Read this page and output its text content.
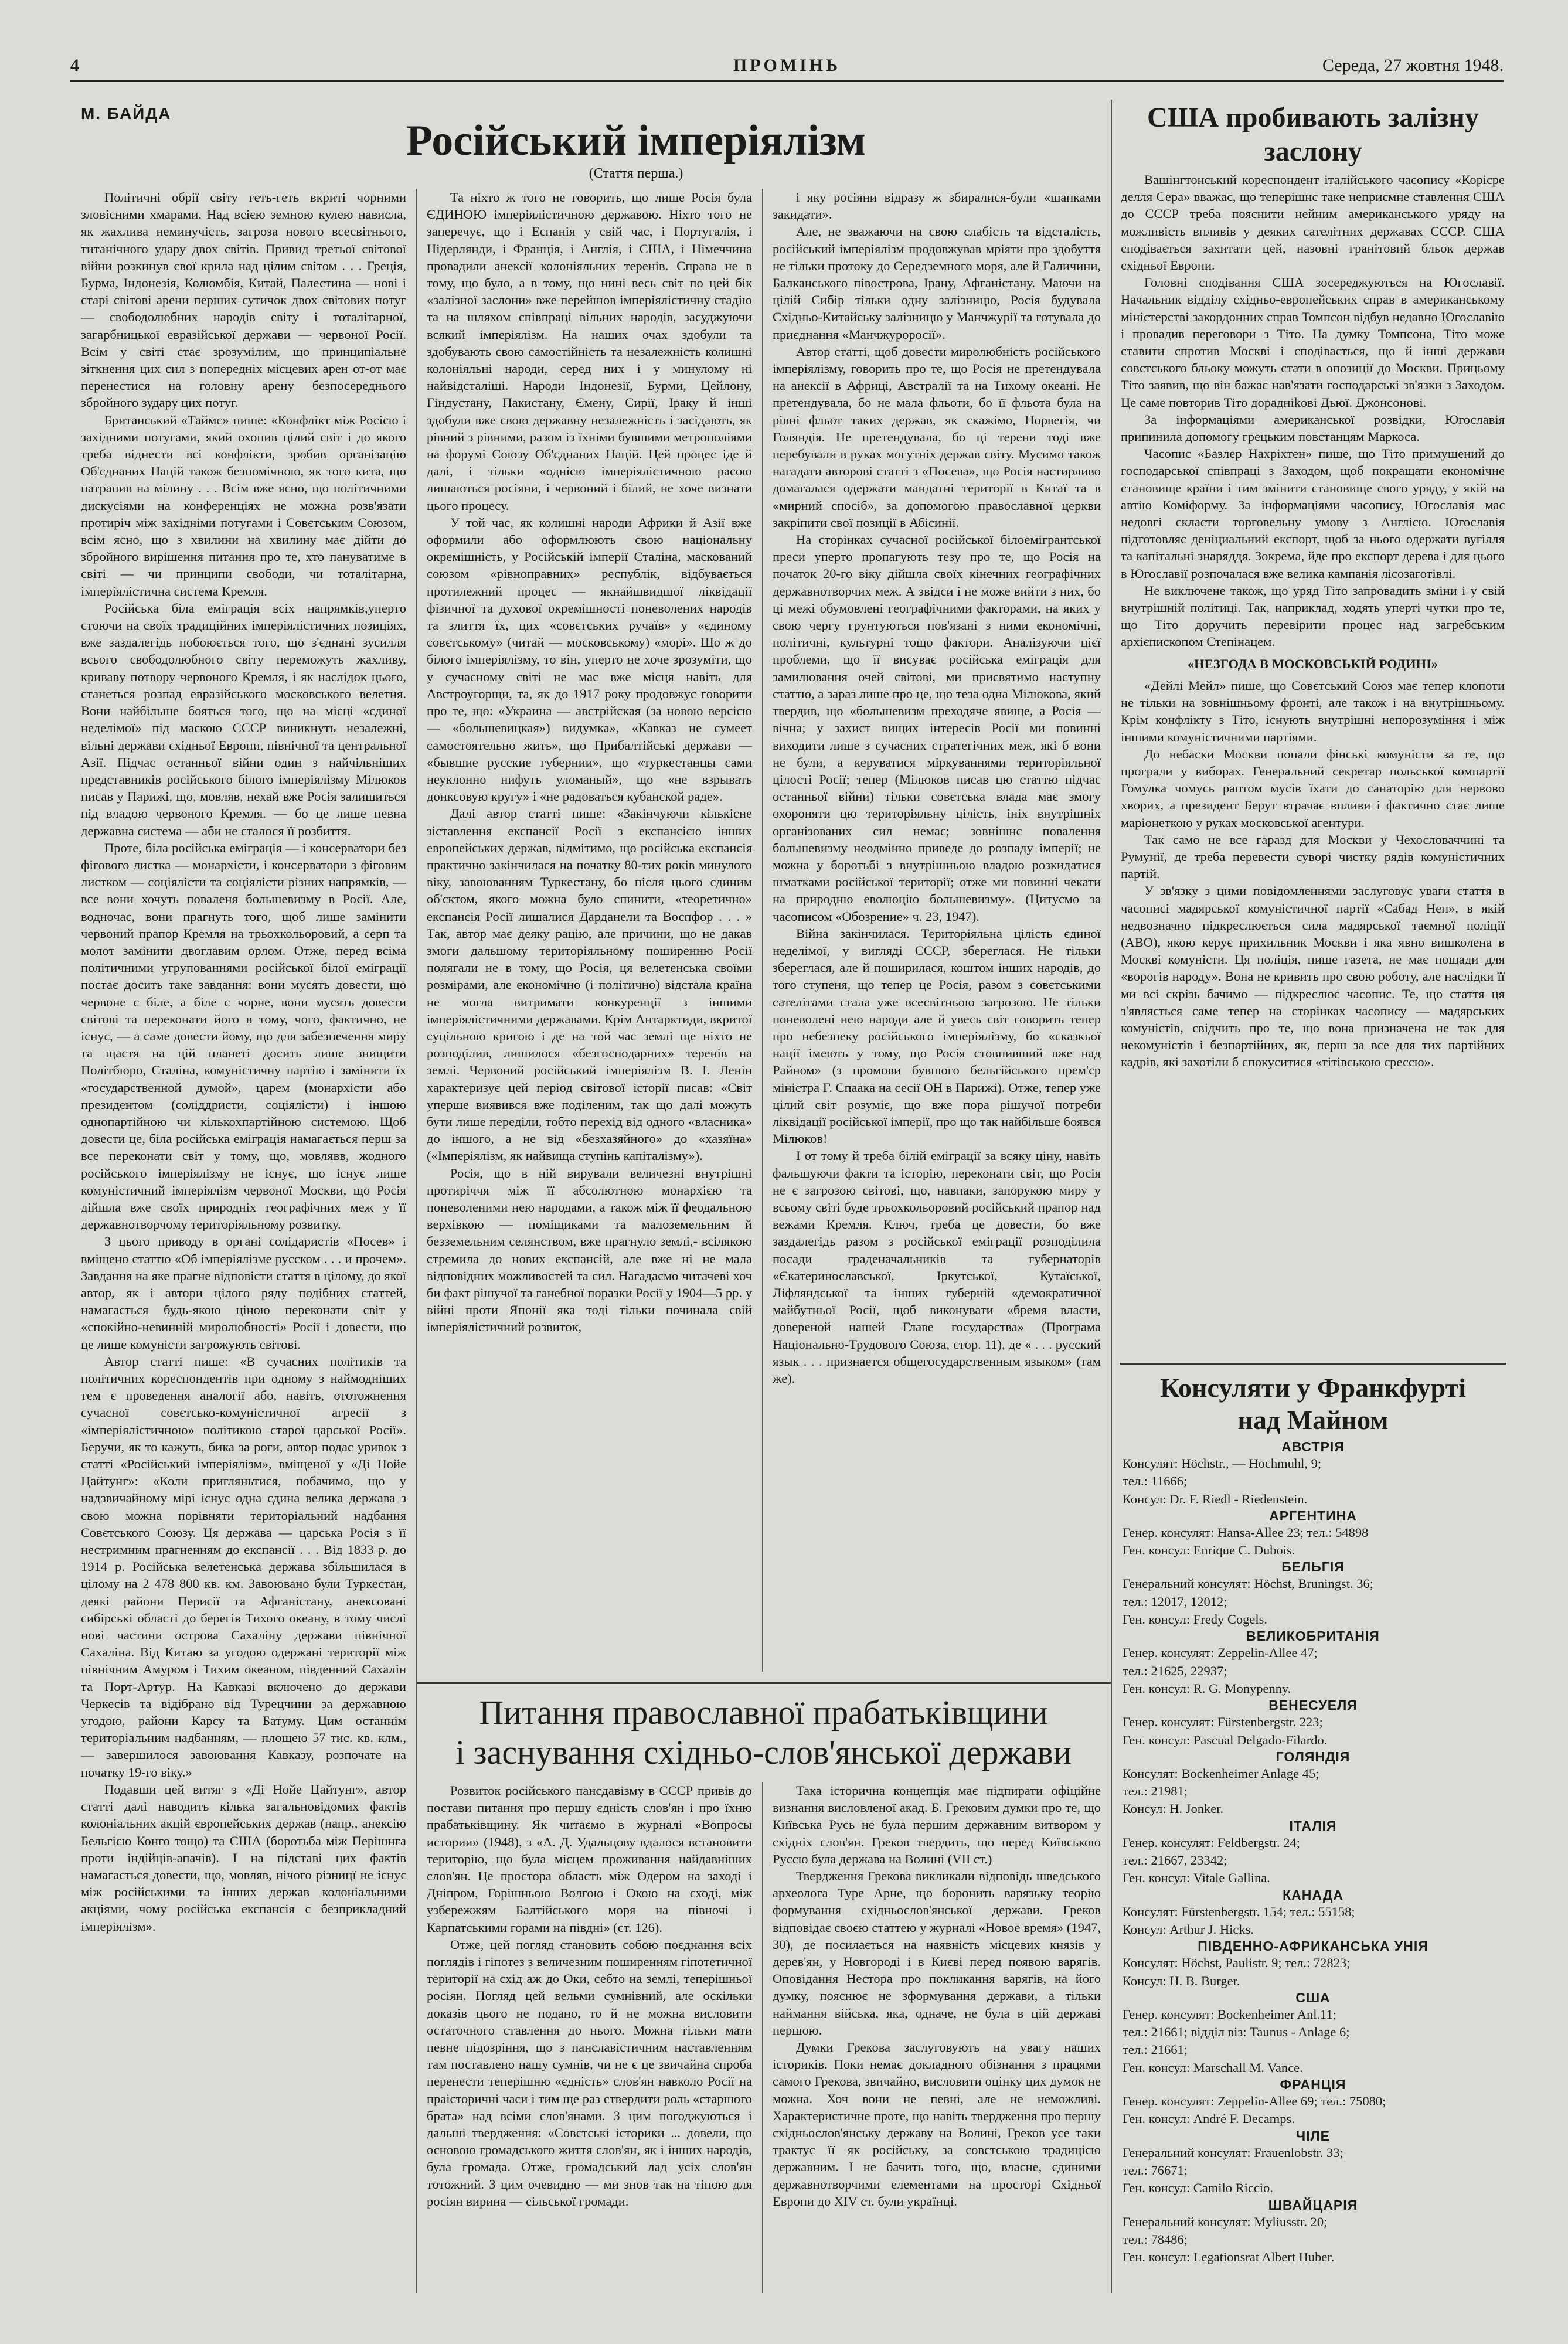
4	ПРОМІНЬ	Середа, 27 жовтня 1948.
М. БАЙДА
Російський імперіялізм
(Стаття перша.)

Політичні обрії світу геть-геть вкриті чорними зловісними хмарами. Над всією земною кулею нависла, як жахлива неминучість, загроза нового всесвітнього, титанічного удару двох світів. Привид третьої світової війни розкинув свої крила над цілим світом . . . Греція, Бурма, Індонезія, Колюмбія, Китай, Палестина — нові і старі світові арени перших сутичок двох світових потуг — свободолюбних народів світу і тоталітарної, загарбницької евразійської держави — червоної Росії. Всім у світі стає зрозумілим, що принципіальне зіткнення цих сил з попередніх місцевих арен от-от має перенестися на головну арену безпосереднього збройного зудару цих потуг.

Британський «Таймс» пише: «Конфлікт між Росією і західними потугами, який охопив цілий світ і до якого треба віднести всі конфлікти, зробив організацію Об'єднаних Націй також безпомічною, як того кита, що патрапив на мілину . . . Всім вже ясно, що політичними дискусіями на конференціях не можна розв'язати протиріч між західніми потугами і Совєтським Союзом, всім ясно, що з хвилини на хвилину має дійти до збройного вирішення питання про те, хто пануватиме в світі — чи принципи свободи, чи тоталітарна, імперіялістична система Кремля.

Російська біла еміграція всіх напрямків,упертo стоючи на своїх традиційних імперіялістичних позиціях, вже заздалегідь побоюється того, що з'єднані зусилля всього свободолюбного світу переможуть жахливу, кривавy потвору червоного Кремля, і як наслідок цього, станеться розпад евразійського московського велетня. Вони найбільше бояться того, що на місці «єдиної неделімої» під маскою СССР виникнуть незалежні, вільні держави східньої Европи, північної та центральної Азії. Підчас останньої війни один з найчільніших представників російського білого імперіялізму Мілюков писав у Парижі, що, мовляв, нехай вже Росія залишиться під владою червоного Кремля. — бо це лише певна державна система — аби не сталося її розбиття.

Проте, біла російська еміграція — і консерватори без фігового листка — монархісти, і консерватори з фіговим листком — соціялісти та соціялісти різних напрямків, — все вони хочуть поваленя большевизму в Росії. Але, водночас, вони прагнуть того, щоб лише замінити червоний прапор Кремля на трьохкольоровий, а серп та молот замінити двоглавим орлом. Отже, перед всіма політичними угрупованнями російської білої еміграції постає досить таке завдання: вони мусять довести, що червоне є біле, а біле є чорне, вони мусять довести світові та переконати його в тому, чого, фактично, не існує, — а саме довести йому, що для забезпечення миру та щастя на цій планеті досить лише знищити Політбюро, Сталіна, комуністичну партію і замінити їх «государственной думой», царем (монархісти або президентом (соліддристи, соціялісти) і іншою однопартійною чи кількохпартійною системою. Щоб довести це, біла російська еміграція намагається перш за все переконати світ у тому, що, мовлявв, жодного російського імперіялізму не існує, що існує лише комуністичний імперіялізм червоної Москви, що Росія дійшла вже своїх природніх географічних меж у її державнотворчому територіяльному розвитку.

З цього приводу в органі солідаристів «Посев» і вміщено статтю «Об імперіялізме русском . . . и прочем». Завдання на яке прагне відповісти стаття в цілому, до якої автор, як і автори цілого ряду подібних статтей, намагається будь-якою ціною переконати світ у «спокійно-невинній миролюбності» Росії і довести, що це лише комуністи загрожують світові.

Автор статті пише: «В сучасних політиків та політичних кореспондентів при одному з наймодніших тем є проведення аналогії або, навіть, ототожнення сучасної совєтсько-комуністичної агресії з «імперіялістичною» політикою старої царської Росії». Беручи, як то кажуть, бика за роги, автор подає уривок з статті «Російський імперіялізм», вміщеної у «Ді Нойе Цайтунг»: «Коли пригляньтися, побачимо, що у надзвичайному мірі існує одна єдина велика держава з свою можна порівняти територіальний надбання Совєтського Союзу. Ця держава — царська Росія з її нестримним прагненням до експансії . . . Від 1833 р. до 1914 р. Російська велетенська держава збільшилася в цілому на 2 478 800 кв. км. Завоювано були Туркестан, деякі райони Перисії та Афганістану, анексовані сибірські області до берегів Тихого океану, в тому числі нові частини острова Сахаліну держави північної Сахаліна. Від Китаю за угодою одержані території між північним Амуром і Тихим океаном, південний Сахалін та Порт-Артур. На Кавказі включено до держави Черкесів та відібрано від Турецчини за державною угодою, райони Карсу та Батуму. Цим останнім територіальним надбанням, — площею 57 тис. кв. клм., — завершилося завоювання Кавказу, розпочате на початку 19-го віку.»

Подавши цей витяг з «Ді Нойе Цайтунг», автор статті далі наводить кілька загальновідомих фактів колоніальних акцій європейських держав (напр., анексію Бельгією Конго тощо) та США (боротьба між Перішнга проти індійців-апачів). І на підставі цих фактів намагається довести, що, мовляв, нічого різницї не існує між російськими та інших держав колоніальними акціями, чому російська експансія є безприкладний імперіялізм».

Та ніхто ж того не говорить, що лише Росія була ЄДИНОЮ імперіялістичною державою. Ніхто того не заперечує, що і Еспанія у свій час, і Португалія, і Нідерлянди, і Франція, і Англія, і США, і Німеччина провадили анексії колоніяльних теренів. Справа не в тому, що було, а в тому, що нині весь світ по цей бік «залізної заслони» вже перейшов імперіялістичну стадію та на шляхом співпраці вільних народів, засуджуючи всякий імперіялізм. На наших очах здобули та здобувають свою самостійність та незалежність колишні колоніяльні народи, серед них і у минулому ні найвідсталіші. Народи Індонезії, Бурми, Цейлону, Гіндустану, Пакистану, Ємену, Сирії, Іраку й інші здобули вже свою державну незалежність і засідають, як рівний з рівними, разом із їхніми бувшими метрополіями на форумі Союзу Об'єднаних Націй. Цей процес іде й далі, і тільки «однією імперіялістичною расою лишаються росіяни, і червоний і білий, не хоче визнати цього процесу.

У той час, як колишні народи Африки й Азії вже оформили або оформлюють свою національну окремішність, у Російській імперії Сталіна, маскований союзом «рівноправних» республік, відбувається протилежний процес — якнайшвидшої ліквідації фізичної та духової окремішності поневолених народів та злиття їх, цих «совєтських ручаїв» у «єдиному совєтському» (читай — московському) «морі». Що ж до білого імперіялізму, то він, уперто не хоче зрозуміти, що у сучасному світі не має вже місця навіть для Австроугорщи, та, як до 1917 року продовжує говорити про те, що: «Украина — австрійская (за новою версією — «большевицкая») видумка», «Кавказ не сумеет самостоятельно жить», що Прибалтійські держави — «бывшие русские губернии», що «туркестанцы сами неуклонно нифуть уломаный», що «не взрывать донксовую кругу» і «не радоваться кубанской раде».

Далі автор статті пише: «Закінчуючи кількісне зіставлення експансії Росії з експансією інших европейських держав, відмітимо, що російська експансія практично закінчилася на початку 80-тих років минулого віку, завоюванням Туркестану, бо після цього єдиним об'єктом, якого можна було спинити, «теоретично» експансія Росії лишалися Дарданели та Воспфор . . . » Так, автор має деяку рацію, але причини, що не дакав змоги дальшому територіяльному поширенню Росії полягали не в тому, що Росія, ця велетенська своїми розмірами, але економічно (і політично) відстала країна не могла витримати конкуренції з іншими імперіялістичними державами. Крім Антарктиди, вкритої суцільною кригою і де на той час землі ще ніхто не розподілив, лишилося «безгосподарних» теренів на землі. Червоний російський імперіялізм В. І. Ленін характеризує цей період світової історії писав: «Світ уперше виявився вже поділеним, так що далі можуть бути лише переділи, тобто перехід від одного «власника» до іншого, а не від «безхазяйного» до «хазяїна» («Імперіялізм, як найвища ступінь капіталізму»).

Росія, що в ній вирували величезні внутрішні протиріччя між її абсолютною монархією та поневоленими нею народами, а також між її феодальною верхівкою — поміщиками та малоземельним й безземельним селянством, вже прагнуло землі,- всілякою стремила до нових експансій, але вже ні не мала відповідних можливостей та сил. Нагадаємо читачеві хоч би факт рішучої та ганебної поразки Росії у 1904—5 рр. у війні проти Японії яка тоді тільки починала свій імперіялістичний розвиток,

і яку росіяни відразу ж збиралися-були «шапками закидати».

Але, не зважаючи на свою слабість та відсталість, російський імперіялізм продовжував мріяти про здобуття не тільки протоку до Середземного моря, але й Галичини, Балканського півострова, Ірану, Афганістану. Маючи на цілій Сибір тільки одну залізницю, Росія будувала Східньо-Китайську залізницю у Манчжурії та готувала до приєднання «Манчжуроросії».

Автор статті, щоб довести миролюбність російського імперіялізму, говорить про те, що Росія не претендувала на анексії в Африці, Австралії та на Тихому океані. Не претендувала, бо не мала фльоти, бо її фльота була на рівні фльот таких держав, як скажімо, Норвегія, чи Голяндія. Не претендувала, бо ці терени тоді вже перебували в руках могутніх держав світу. Мусимо також нагадати авторові статті з «Посева», що Росія настирливо домагалася одержати мандатні території в Китаї та в «мирний спосіб», за допомогою православної церкви закріпити свої позиції в Абісинії.

На сторінках сучасної російської білоемігрантської преси уперто пропагують тезу про те, що Росія на початок 20-го віку дійшла своїх кінечних географічних державнотворчих меж. А звідси і не може вийти з них, бо ці межі обумовлені географічними факторами, на яких у свою чергу грунтуються пов'язані з ними економічні, політичні, культурні тощо фактори. Аналізуючи цієї проблеми, що її висуває російська еміграція для замилювання очей світові, ми присвятимо наступну статтю, а зараз лише про це, що теза одна Мілюкова, який твердив, що «большевизм преходяче явище, а Росія — вічна; у захист вищих інтересів Росії ми повинні виходити лише з сучасних стратегічних меж, які б вони не були, а керуватися міркуваннями територіяльної цілості Росії; тепер (Мілюков писав цю статтю підчас останньої війни) тільки совєтська влада має змогу охороняти цю територіяльну цілість, ініх внутрішніх організованих сил немає; зовнішнє повалення большевизму неодмінно приведе до розпаду імперії; не можна у боротьбі з внутрішньою владою розкидатися шматками російської території; отже ми повинні чекати на природню еволюцію большевизму». (Цитуємо за часописом «Обозрение» ч. 23, 1947).

Війна закінчилася. Територіяльна цілість єдиної неделімої, у вигляді СССР, збереглася. Не тільки збереглася, але й поширилася, коштом інших народів, до того ступеня, що тепер це Росія, разом з совєтськими сателітами стала уже всесвітньою загрозою. Не тільки поневолені нею народи але й увесь світ говорить тепер про небезпеку російського імперіялізму, бо «сказкьої нації імеють у тому, що Росія стовпивший вже над Райном» (з промови бувшого бельгійського прем'єр міністра Г. Спаака на сесії ОН в Парижі). Отже, тепер уже цілий світ розуміє, що вже пора рішучої потреби ліквідації російської імперії, про що так найбільше боявся Мілюков!

І от тому й треба білій еміграції за всяку ціну, навіть фальшуючи факти та історію, переконати світ, що Росія не є загрозою світові, що, навпаки, запорукою миру у всьому світі буде трьохкольоровий російський прапор над вежами Кремля. Ключ, треба це довести, бо вже заздалегідь разом з російської еміграції розподілила посади граденачальників та губернаторів «Єкатеринославської, Іркутської, Кутаїської, Ліфляндської та інших губерній «демократичної майбутньої Росії, щоб виконувати «бремя власти, довереной нашей Главе государства» (Програма Національно-Трудового Союза, стор. 11), де « . . . русский язык . . . признается общегосударственным языком» (там же).

США пробивають залізну
заслону

Вашінгтонський кореспондент італійського часопису «Корієре делля Сера» вважає, що теперішнє таке неприємне ставлення США до СССР треба пояснити нейним американського уряду на можливість впливів у деяких сателітних державах СССР. США сподівається захитати цей, назовні гранітовий бльок держав східньої Европи.

Головні сподівання США зосереджуються на Югославії. Начальник відділу східньо-европейських справ в американському міністерстві закордонних справ Томпсон відбув недавно Югославію і провадив переговори з Тіто. На думку Томпсона, Тіто може ставити спротив Москві і сподівається, що й інші держави совєтського бльоку можуть стати в опозиції до Москви. Прицьому Тіто заявив, що він бажає нав'язати господарські зв'язки з Заходом. Це саме повторив Тіто дораднikові Дьюї. Джонсонові.

За інформаціями американської розвідки, Югославія припинила допомогу грецьким повстанцям Маркоса.

Часопис «Базлер Нахріхтен» пише, що Тіто примушений до господарської співпраці з Заходом, щоб покращати економічне становище країни і тим змінити становище свого уряду, у якій на автію Коміформу. За інформаціями часопису, Югославія має недовгі скласти торговельну умову з Англією. Югославія підготовляє деніциальний експорт, щоб за нього одержати вугілля та капітальні знаряддя. Зокрема, йде про експорт дерева і для цього в Югославії розпочалася вже велика кампанія лісозаготівлі.

Не виключене також, що уряд Тіто запровадить зміни і у свій внутрішній політиці. Так, наприклад, ходять уперті чутки про те, що Тіто доручить перевірити процес над загребським архієпископом Степінацем.

«НЕЗГОДА В МОСКОВСЬКІЙ РОДИНІ»

«Дейлі Мейл» пише, що Совєтський Союз має тепер клопоти не тільки на зовнішньому фронті, але також і на внутрішньому. Крім конфлікту з Тіто, існують внутрішні непорозуміння і між іншими комуністичними партіями.

До небаски Москви попали фінські комуністи за те, що програли у виборах. Генеральний секретар польської компартії Гомулка чомусь раптом мусів їхати до санаторію для нервово хворих, а президент Берут втрачає впливи і фактично стає лише маріонеткою у руках московської агентури.

Так само не все гаразд для Москви у Чехословаччині та Румунії, де треба перевести суворі чистку рядів комуністичних партій.

У зв'язку з цими повідомленнями заслуговує уваги стаття в часописі мадярської комуністичної партії «Сабад Неп», в якій недвозначно підкреслюється сила мадярської таємної поліції (АВО), якою керує прихильник Москви і яка явно вишколена в Москві комуністи. Ця поліція, пише газета, не має пощади для «ворогів народу». Вона не кривить про свою роботу, але наслідки її ми всі скрізь бачимо — підкреслює часопис. Те, що стаття ця з'являється саме тепер на сторінках часопису — мадярських комуністів, свідчить про те, що вона призначена не так для некомуністів і безпартійних, як, перш за все для тих партійних кадрів, які захотіли б спокуситися «тітівською єрессю».

Питання православної прабатьківщини
і заснування східньо-слов'янської держави

Розвиток російського пансдавізму в СССР привів до постави питання про першу єдність слов'ян і про їхню прабатьківщину. Як читаємо в журналі «Вопросы истории» (1948), з «А. Д. Удальцову вдалося встановити територію, що була місцем проживання найдавніших слов'ян. Це простора область між Одером на заході і Дніпром, Горішньою Волгою і Окою на сході, між узбережжям Балтійського моря на півночі і Карпатськими горами на півдні» (ст. 126).

Отже, цей погляд становить собою поєднання всіх поглядів і гіпотез з величезним поширенням гіпотетичної території на схід аж до Оки, себто на землі, теперішньої росіян. Погляд цей вельми сумнівний, але оскільки доказів цього не подано, то й не можна висловити остаточного ставлення до нього. Можна тільки мати певне підозріння, що з панславістичним наставленням там поставлено нашу сумнів, чи не є це звичайна спроба перенести теперішню «єдність» слов'ян навколо Росії на праісторичні часи і тим ще раз ствердити роль «старшого брата» над всіми слов'янами. З цим погоджуються і дальші твердження: «Совєтські історики ... довели, що основою громадського життя слов'ян, як і інших народів, була громада. Отже, громадський лад усіх слов'ян тотожний. З цим очевидно — ми знов так на тіпою для росіян вирина — сільської громади.

Така історична концепція має підпирати офіційне визнання висловленої акад. Б. Грековим думки про те, що Київська Русь не була першим державним витвором у східніх слов'ян. Греков твердить, що перед Київською Руссю була держава на Волині (VII ст.)

Твердження Грекова викликали відповідь шведського археолога Туре Арне, що боронить варязьку теорію формування східньослов'янської держави. Греков відповідає своєю статтею у журналі «Новое время» (1947, 30), де посилається на наявність місцевих князів у дерев'ян, у Новгороді і в Києві перед появою варягів. Оповідання Нестора про покликання варягів, на його думку, пояснює не зформування держави, а тільки наймання війська, яка, одначе, не була в цій державі першою.

Думки Грекова заслуговують на увагу наших істориків. Поки немає докладного обізнання з працями самого Грекова, звичайно, висловити оцінку цих думок не можна. Хоч вони не певні, але не неможливі. Характеристичне проте, що навіть твердження про першу східньослов'янську державу на Волині, Греков усе таки трактує її як російську, за совєтською традицією державним. І не бачить того, що, власне, єдиними державнотворчими елементами на просторі Східньої Европи до XIV ст. були українці.

Консуляти у Франкфурті
над Майном
АВСТРІЯ
Консулят: Höchstr., — Hochmuhl, 9;
тел.: 11666;
Консул: Dr. F. Riedl - Riedenstein.
АРГЕНТИНА
Генер. консулят: Hansa-Allee 23; тел.: 54898
Ген. консул: Enrique C. Dubois.
БЕЛЬГІЯ
Генеральний консулят: Höchst, Bruningst. 36;
тел.: 12017, 12012;
Ген. консул: Fredy Cogels.
ВЕЛИКОБРИТАНІЯ
Генер. консулят: Zeppelin-Allee 47;
тел.: 21625, 22937;
Ген. консул: R. G. Monypenny.
ВЕНЕСУЕЛЯ
Генер. консулят: Fürstenbergstr. 223;
Ген. консул: Pascual Delgado-Filardo.
ГОЛЯНДІЯ
Консулят: Bockenheimer Anlage 45;
тел.: 21981;
Консул: H. Jonker.
ІТАЛІЯ
Генер. консулят: Feldbergstr. 24;
тел.: 21667, 23342;
Ген. консул: Vitale Gallina.
КАНАДА
Консулят: Fürstenbergstr. 154; тел.: 55158;
Консул: Arthur J. Hicks.
ПІВДЕННО-АФРИКАНСЬКА УНІЯ
Консулят: Höchst, Paulistr. 9; тел.: 72823;
Консул: H. B. Burger.
США
Генер. консулят: Bockenheimer Anl.11;
тел.: 21661; відділ віз: Taunus - Anlage 6;
тел.: 21661;
Ген. консул: Marschall M. Vance.
ФРАНЦІЯ
Генер. консулят: Zeppelin-Allee 69; тел.: 75080;
Ген. консул: André F. Decamps.
ЧІЛЕ
Генеральний консулят: Frauenlobstr. 33;
тел.: 76671;
Ген. консул: Camilo Riccio.
ШВАЙЦАРІЯ
Генеральний консулят: Myliusstr. 20;
тел.: 78486;
Ген. консул: Legationsrat Albert Huber.
